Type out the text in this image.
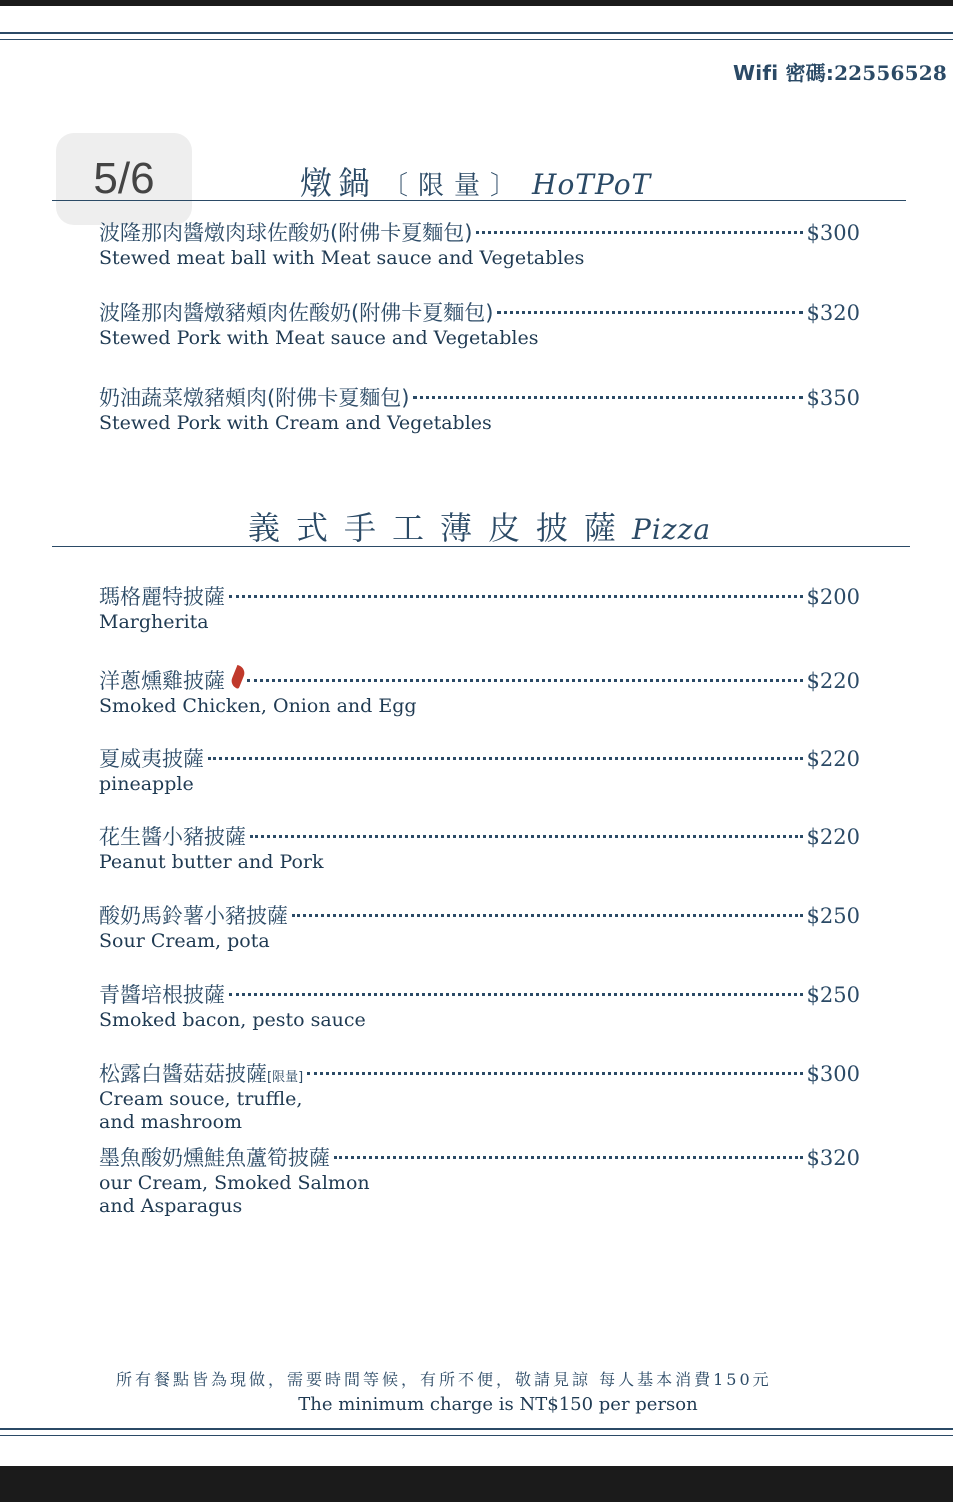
Wifi 密碼:22556528
5/6	燉鍋 〔限量〕 HoTPoT
波隆那肉醬燉肉球佐酸奶(附佛卡夏麵包)	$300
Stewed meat ball with Meat sauce and Vegetables
波隆那肉醬燉豬頰肉佐酸奶(附佛卡夏麵包)	$320
Stewed Pork with Meat sauce and Vegetables
奶油蔬菜燉豬頰肉(附佛卡夏麵包)	$350
Stewed Pork with Cream and Vegetables
義式手工薄皮披薩Pizza
瑪格麗特披薩	$200
Margherita
洋蔥燻雞披薩	$220
Smoked Chicken, Onion and Egg
夏威夷披薩	$220
pineapple
花生醬小豬披薩	$220
Peanut butter and Pork
酸奶馬鈴薯小豬披薩	$250
Sour Cream, pota
青醬培根披薩	$250
Smoked bacon, pesto sauce
松露白醬菇菇披薩[限量]	$300
Cream souce, truffle,
and mashroom
墨魚酸奶燻鮭魚蘆筍披薩	$320
our Cream, Smoked Salmon
and Asparagus
所有餐點皆為現做，需要時間等候，有所不便，敬請見諒 每人基本消費150元
The minimum charge is NT$150 per person
